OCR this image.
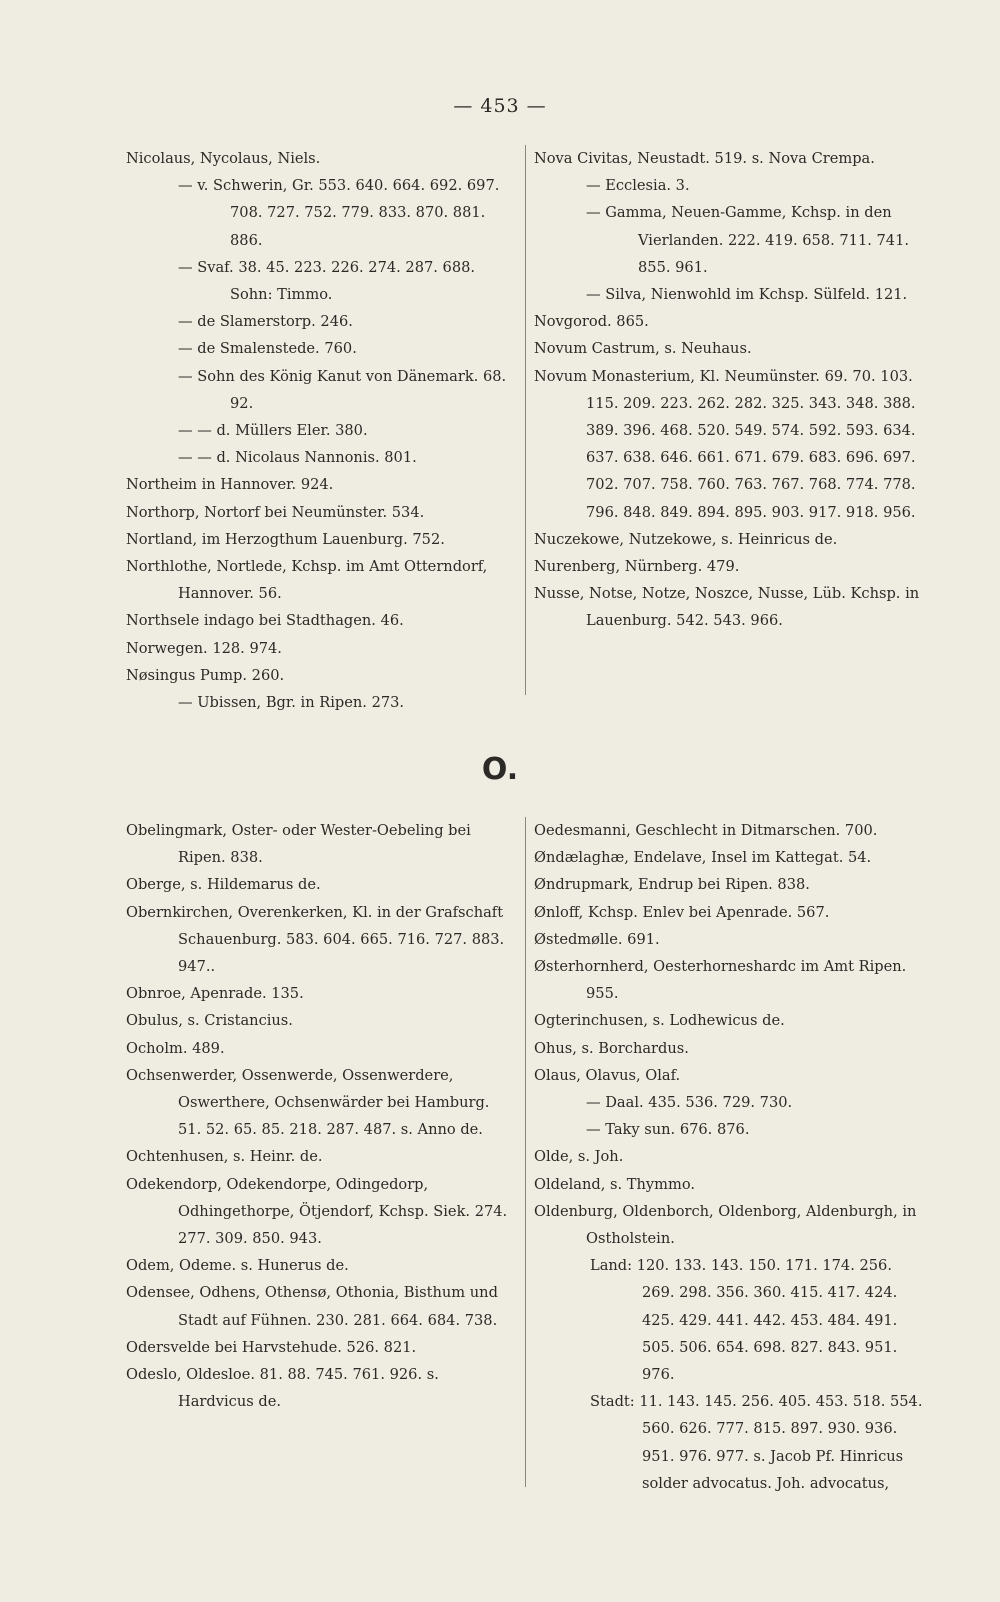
— 453 —
Nicolaus, Nycolaus, Niels.
— v. Schwerin, Gr. 553. 640. 664. 692. 697. 708. 727. 752. 779. 833. 870. 881. 886.
— Svaf. 38. 45. 223. 226. 274. 287. 688. Sohn: Timmo.
— de Slamerstorp. 246.
— de Smalenstede. 760.
— Sohn des König Kanut von Dänemark. 68. 92.
— — d. Müllers Eler. 380.
— — d. Nicolaus Nannonis. 801.
Northeim in Hannover. 924.
Northorp, Nortorf bei Neumünster. 534.
Nortland, im Herzogthum Lauenburg. 752.
Northlothe, Nortlede, Kchsp. im Amt Otterndorf, Hannover. 56.
Northsele indago bei Stadthagen. 46.
Norwegen. 128. 974.
Nøsingus Pump. 260.
— Ubissen, Bgr. in Ripen. 273.
Nova Civitas, Neustadt. 519. s. Nova Crempa.
— Ecclesia. 3.
— Gamma, Neuen-Gamme, Kchsp. in den Vierlanden. 222. 419. 658. 711. 741. 855. 961.
— Silva, Nienwohld im Kchsp. Sülfeld. 121.
Novgorod. 865.
Novum Castrum, s. Neuhaus.
Novum Monasterium, Kl. Neumünster. 69. 70. 103. 115. 209. 223. 262. 282. 325. 343. 348. 388. 389. 396. 468. 520. 549. 574. 592. 593. 634. 637. 638. 646. 661. 671. 679. 683. 696. 697. 702. 707. 758. 760. 763. 767. 768. 774. 778. 796. 848. 849. 894. 895. 903. 917. 918. 956.
Nuczekowe, Nutzekowe, s. Heinricus de.
Nurenberg, Nürnberg. 479.
Nusse, Notse, Notze, Noszce, Nusse, Lüb. Kchsp. in Lauenburg. 542. 543. 966.
O.
Obelingmark, Oster- oder Wester-Oebeling bei Ripen. 838.
Oberge, s. Hildemarus de.
Obernkirchen, Overenkerken, Kl. in der Grafschaft Schauenburg. 583. 604. 665. 716. 727. 883. 947..
Obnroe, Apenrade. 135.
Obulus, s. Cristancius.
Ocholm. 489.
Ochsenwerder, Ossenwerde, Ossenwerdere, Oswerthere, Ochsenwärder bei Hamburg. 51. 52. 65. 85. 218. 287. 487. s. Anno de.
Ochtenhusen, s. Heinr. de.
Odekendorp, Odekendorpe, Odingedorp, Odhingethorpe, Ötjendorf, Kchsp. Siek. 274. 277. 309. 850. 943.
Odem, Odeme. s. Hunerus de.
Odensee, Odhens, Othensø, Othonia, Bisthum und Stadt auf Fühnen. 230. 281. 664. 684. 738.
Odersvelde bei Harvstehude. 526. 821.
Odeslo, Oldesloe. 81. 88. 745. 761. 926. s. Hardvicus de.
Oedesmanni, Geschlecht in Ditmarschen. 700.
Øndælaghæ, Endelave, Insel im Kattegat. 54.
Øndrupmark, Endrup bei Ripen. 838.
Ønloff, Kchsp. Enlev bei Apenrade. 567.
Østedmølle. 691.
Østerhornherd, Oesterhorneshardc im Amt Ripen. 955.
Ogterinchusen, s. Lodhewicus de.
Ohus, s. Borchardus.
Olaus, Olavus, Olaf.
— Daal. 435. 536. 729. 730.
— Taky sun. 676. 876.
Olde, s. Joh.
Oldeland, s. Thymmo.
Oldenburg, Oldenborch, Oldenborg, Aldenburgh, in Ostholstein.
Land: 120. 133. 143. 150. 171. 174. 256. 269. 298. 356. 360. 415. 417. 424. 425. 429. 441. 442. 453. 484. 491. 505. 506. 654. 698. 827. 843. 951. 976.
Stadt: 11. 143. 145. 256. 405. 453. 518. 554. 560. 626. 777. 815. 897. 930. 936. 951. 976. 977. s. Jacob Pf. Hinricus solder advocatus. Joh. advocatus,
